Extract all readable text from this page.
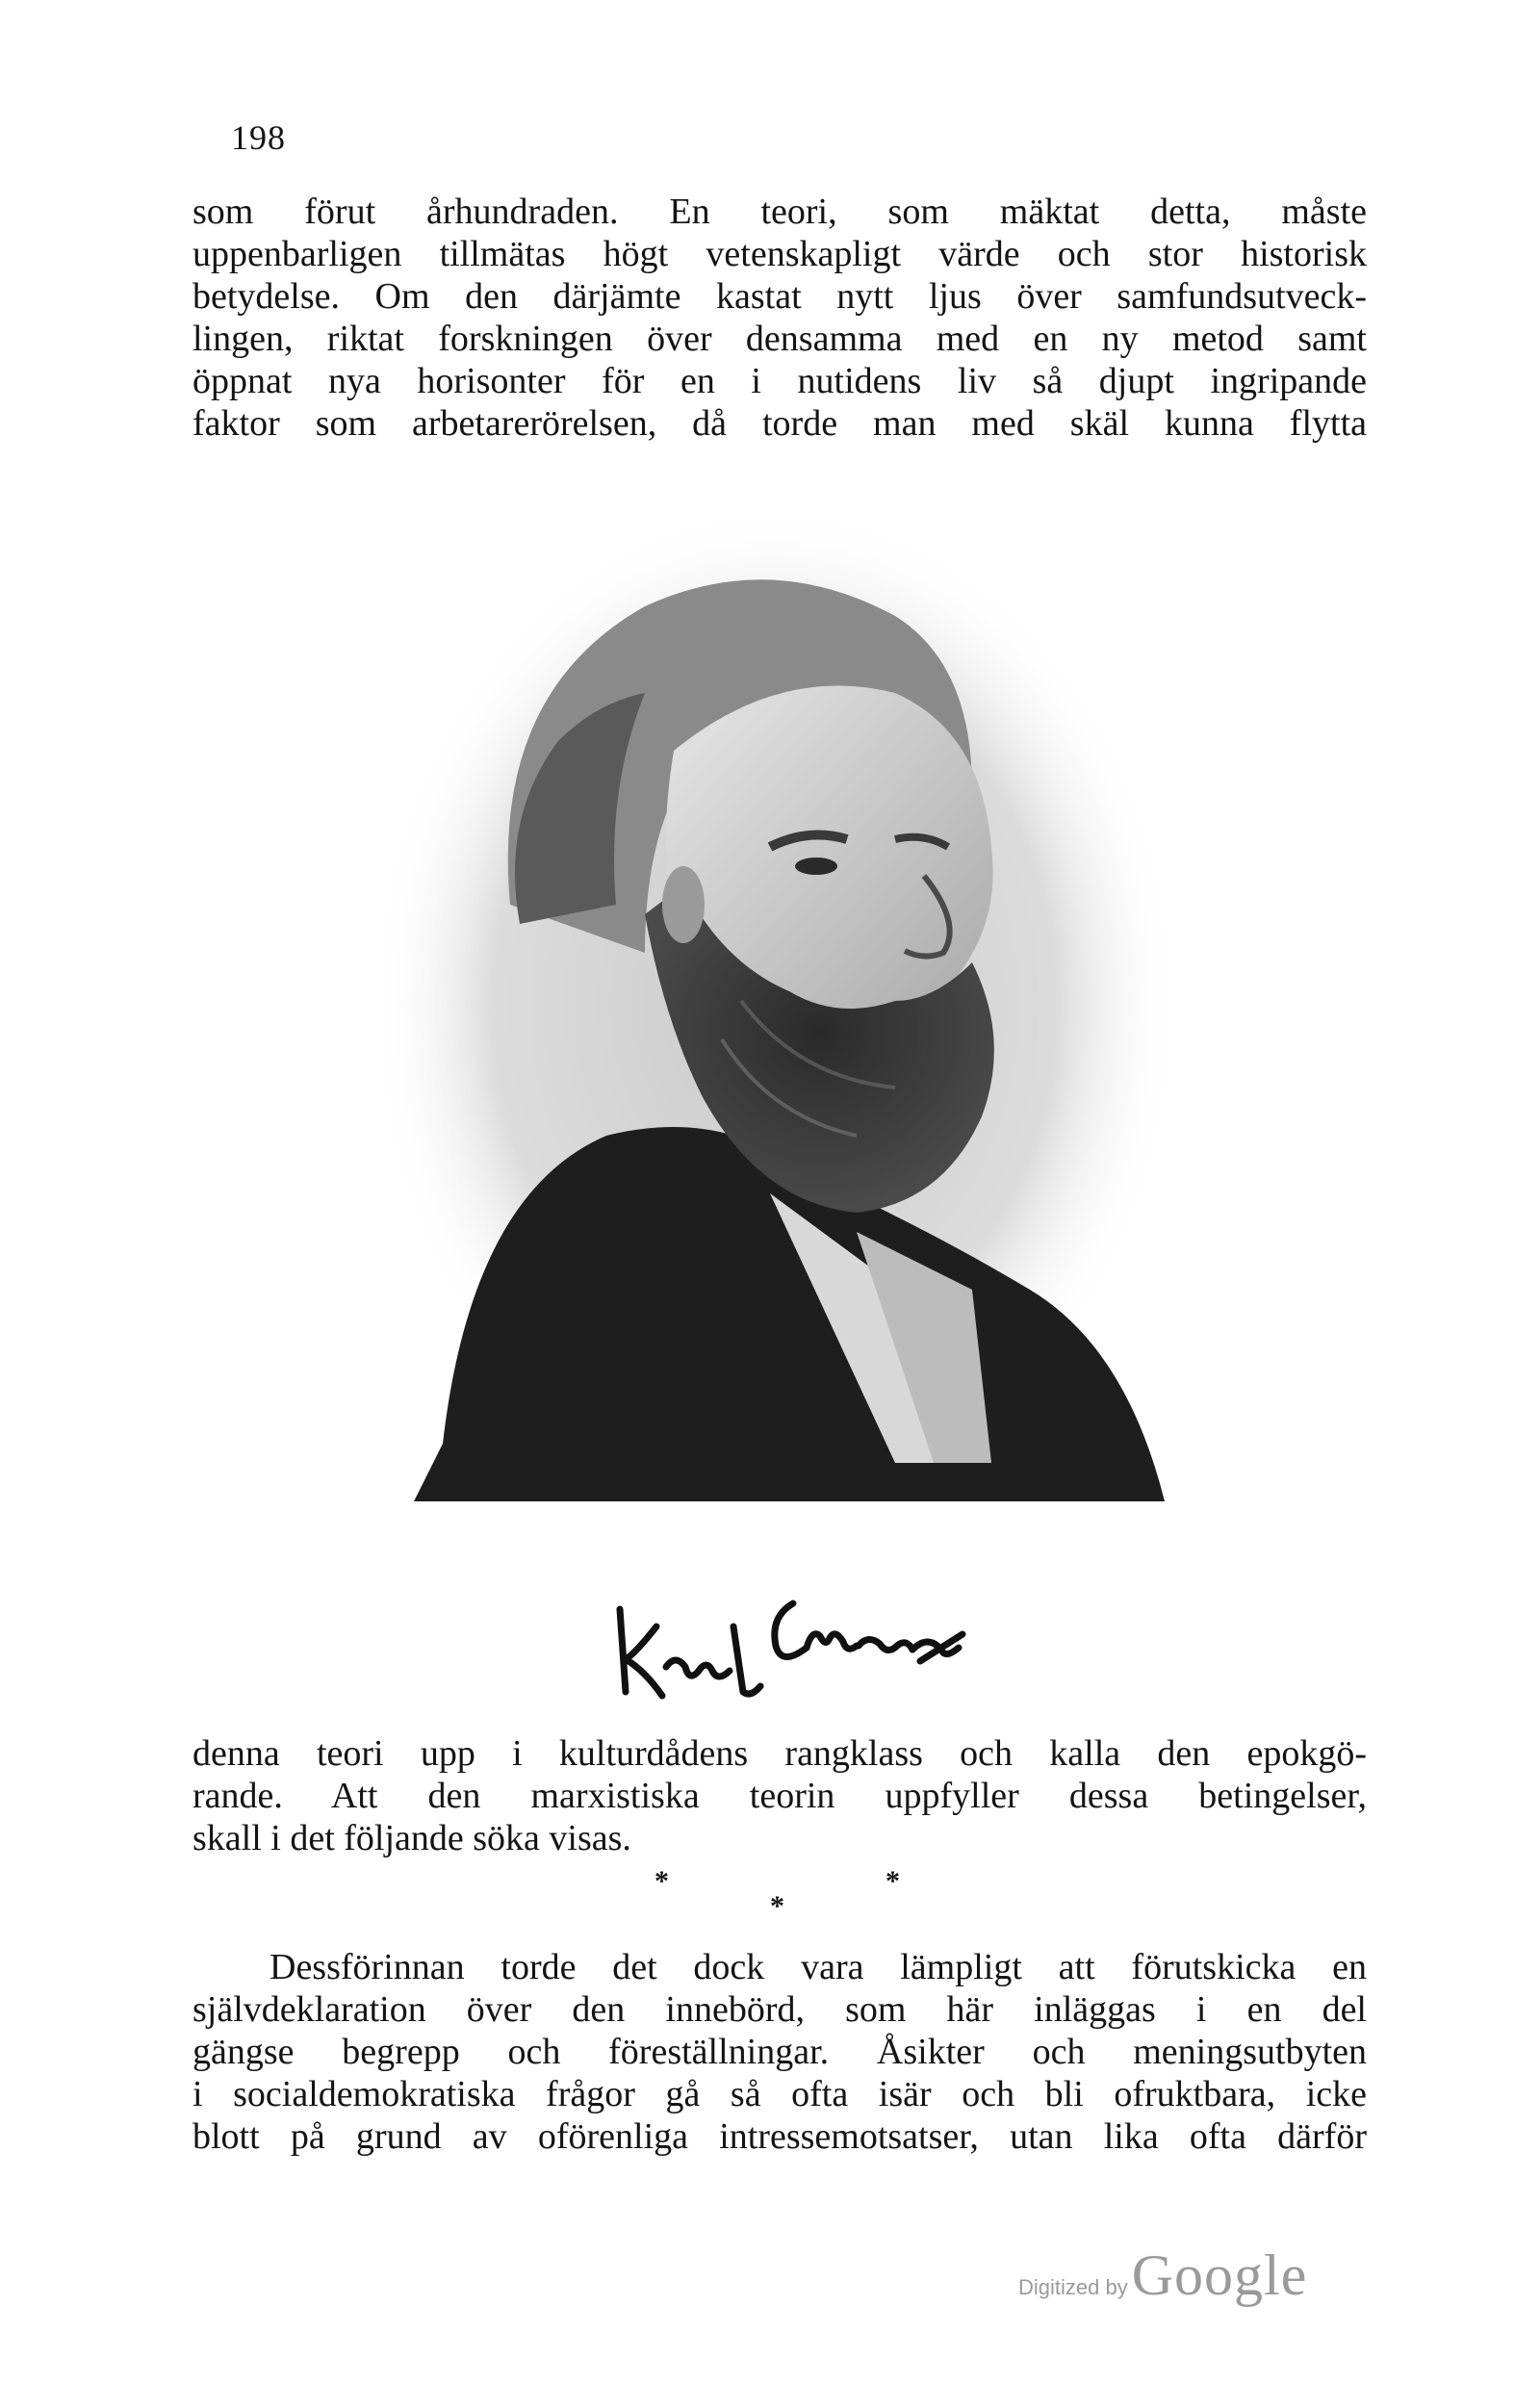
198
som förut århundraden. En teori, som mäktat detta, måste
uppenbarligen tillmätas högt vetenskapligt värde och stor historisk
betydelse. Om den därjämte kastat nytt ljus över samfundsutveck-
lingen, riktat forskningen över densamma med en ny metod samt
öppnat nya horisonter för en i nutidens liv så djupt ingripande
faktor som arbetarerörelsen, då torde man med skäl kunna flytta
denna teori upp i kulturdådens rangklass och kalla den epokgö-
rande. Att den marxistiska teorin uppfyller dessa betingelser,
skall i det följande söka visas.
*
*
*
Dessförinnan torde det dock vara lämpligt att förutskicka en
självdeklaration över den innebörd, som här inläggas i en del
gängse begrepp och föreställningar. Åsikter och meningsutbyten
i socialdemokratiska frågor gå så ofta isär och bli ofruktbara, icke
blott på grund av oförenliga intressemotsatser, utan lika ofta därför
Digitized by Google
